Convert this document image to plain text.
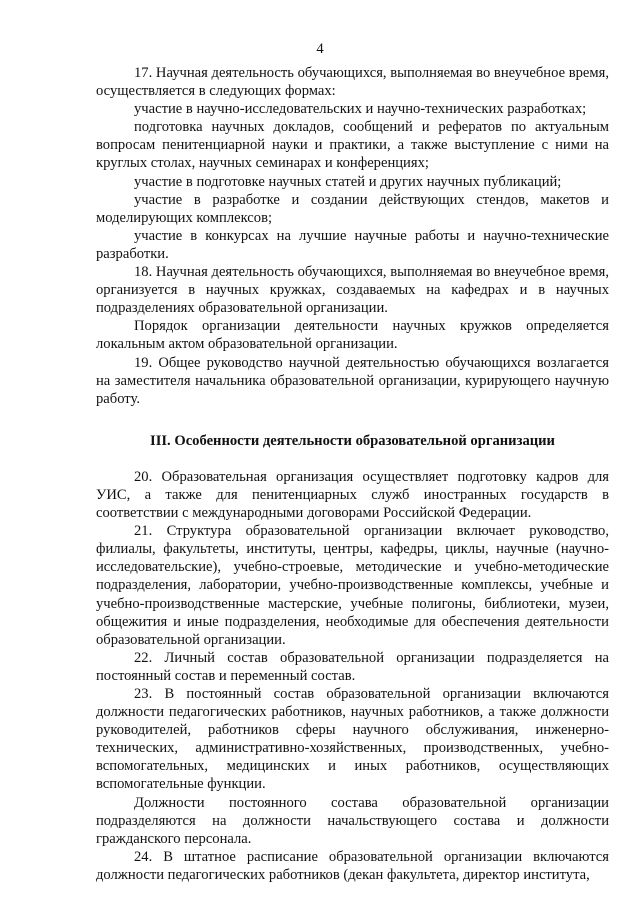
4

17. Научная деятельность обучающихся, выполняемая во внеучебное время, осуществляется в следующих формах:

участие в научно-исследовательских и научно-технических разработках;

подготовка научных докладов, сообщений и рефератов по актуальным вопросам пенитенциарной науки и практики, а также выступление с ними на круглых столах, научных семинарах и конференциях;

участие в подготовке научных статей и других научных публикаций;

участие в разработке и создании действующих стендов, макетов и моделирующих комплексов;

участие в конкурсах на лучшие научные работы и научно-технические разработки.

18. Научная деятельность обучающихся, выполняемая во внеучебное время, организуется в научных кружках, создаваемых на кафедрах и в научных подразделениях образовательной организации.

Порядок организации деятельности научных кружков определяется локальным актом образовательной организации.

19. Общее руководство научной деятельностью обучающихся возлагается на заместителя начальника образовательной организации, курирующего научную работу.

III. Особенности деятельности образовательной организации

20. Образовательная организация осуществляет подготовку кадров для УИС, а также для пенитенциарных служб иностранных государств в соответствии с международными договорами Российской Федерации.

21. Структура образовательной организации включает руководство, филиалы, факультеты, институты, центры, кафедры, циклы, научные (научно-исследовательские), учебно-строевые, методические и учебно-методические подразделения, лаборатории, учебно-производственные комплексы, учебные и учебно-производственные мастерские, учебные полигоны, библиотеки, музеи, общежития и иные подразделения, необходимые для обеспечения деятельности образовательной организации.

22. Личный состав образовательной организации подразделяется на постоянный состав и переменный состав.

23. В постоянный состав образовательной организации включаются должности педагогических работников, научных работников, а также должности руководителей, работников сферы научного обслуживания, инженерно-технических, административно-хозяйственных, производственных, учебно-вспомогательных, медицинских и иных работников, осуществляющих вспомогательные функции.

Должности постоянного состава образовательной организации подразделяются на должности начальствующего состава и должности гражданского персонала.

24. В штатное расписание образовательной организации включаются должности педагогических работников (декан факультета, директор института,
